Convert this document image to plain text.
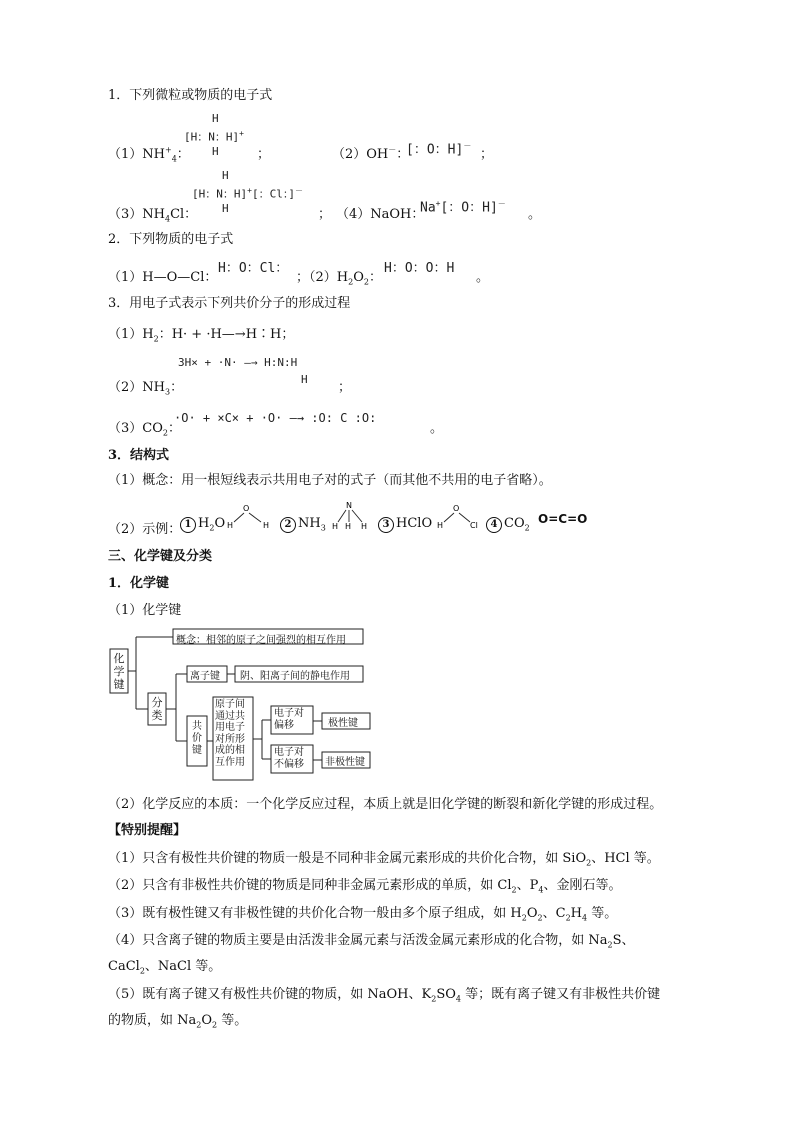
1．下列微粒或物质的电子式
$(1)NH^+_4$：
H
[H：N：H]+
H	；	（2）OH－：
[：O：H]－
；
$(3)NH_4Cl$：
H
[H：N：H]+[：Cl：]－
H	； （4）NaOH：
Na+[：O：H]－
。
2．下列物质的电子式
（1）H—O—Cl：
H：O：Cl：
；$(2)H_2O_2$：
H：O：O：H
。
3．用电子式表示下列共价分子的形成过程
$(1)H_2$：H· + ·H—→H∶H；
$(2)NH_3$：
3H× + ·N· —→ H:N:H
H
；
$(3)CO_2$：
·O· + ×C× + ·O· —→ :O: C :O:
。
3．结构式
（1）概念：用一根短线表示共用电子对的式子（而其他不共用的电子省略）。
（2）示例： 1 $H_2O$
O
H	H	2 $NH_3$
N
H H H	3 HClO
O
H	Cl	4 $CO_2$
O=C=O
三、化学键及分类
1．化学键
（1）化学键
化学键
概念：相邻的原子之间强烈的相互作用
分类
离子键 阴、阳离子间的静电作用
共价键
原子间通过共用电子对所形成的相互作用
电子对偏移	极性键
电子对不偏移	非极性键
（2）化学反应的本质：一个化学反应过程，本质上就是旧化学键的断裂和新化学键的形成过程。
【特别提醒】
（1）只含有极性共价键的物质一般是不同种非金属元素形成的共价化合物，如 SiO$_2$、HCl 等。
（2）只含有非极性共价键的物质是同种非金属元素形成的单质，如 $Cl_2$、$P_4$、金刚石等。
（3）既有极性键又有非极性键的共价化合物一般由多个原子组成，如 $H_2O_2$、$C_2H_4$ 等。
（4）只含离子键的物质主要是由活泼非金属元素与活泼金属元素形成的化合物，如 $Na_2S$、
CaCl$_2$、NaCl 等。
（5）既有离子键又有极性共价键的物质，如 NaOH、$K_2SO_4$ 等；既有离子键又有非极性共价键
的物质，如 $Na_2O_2$ 等。
